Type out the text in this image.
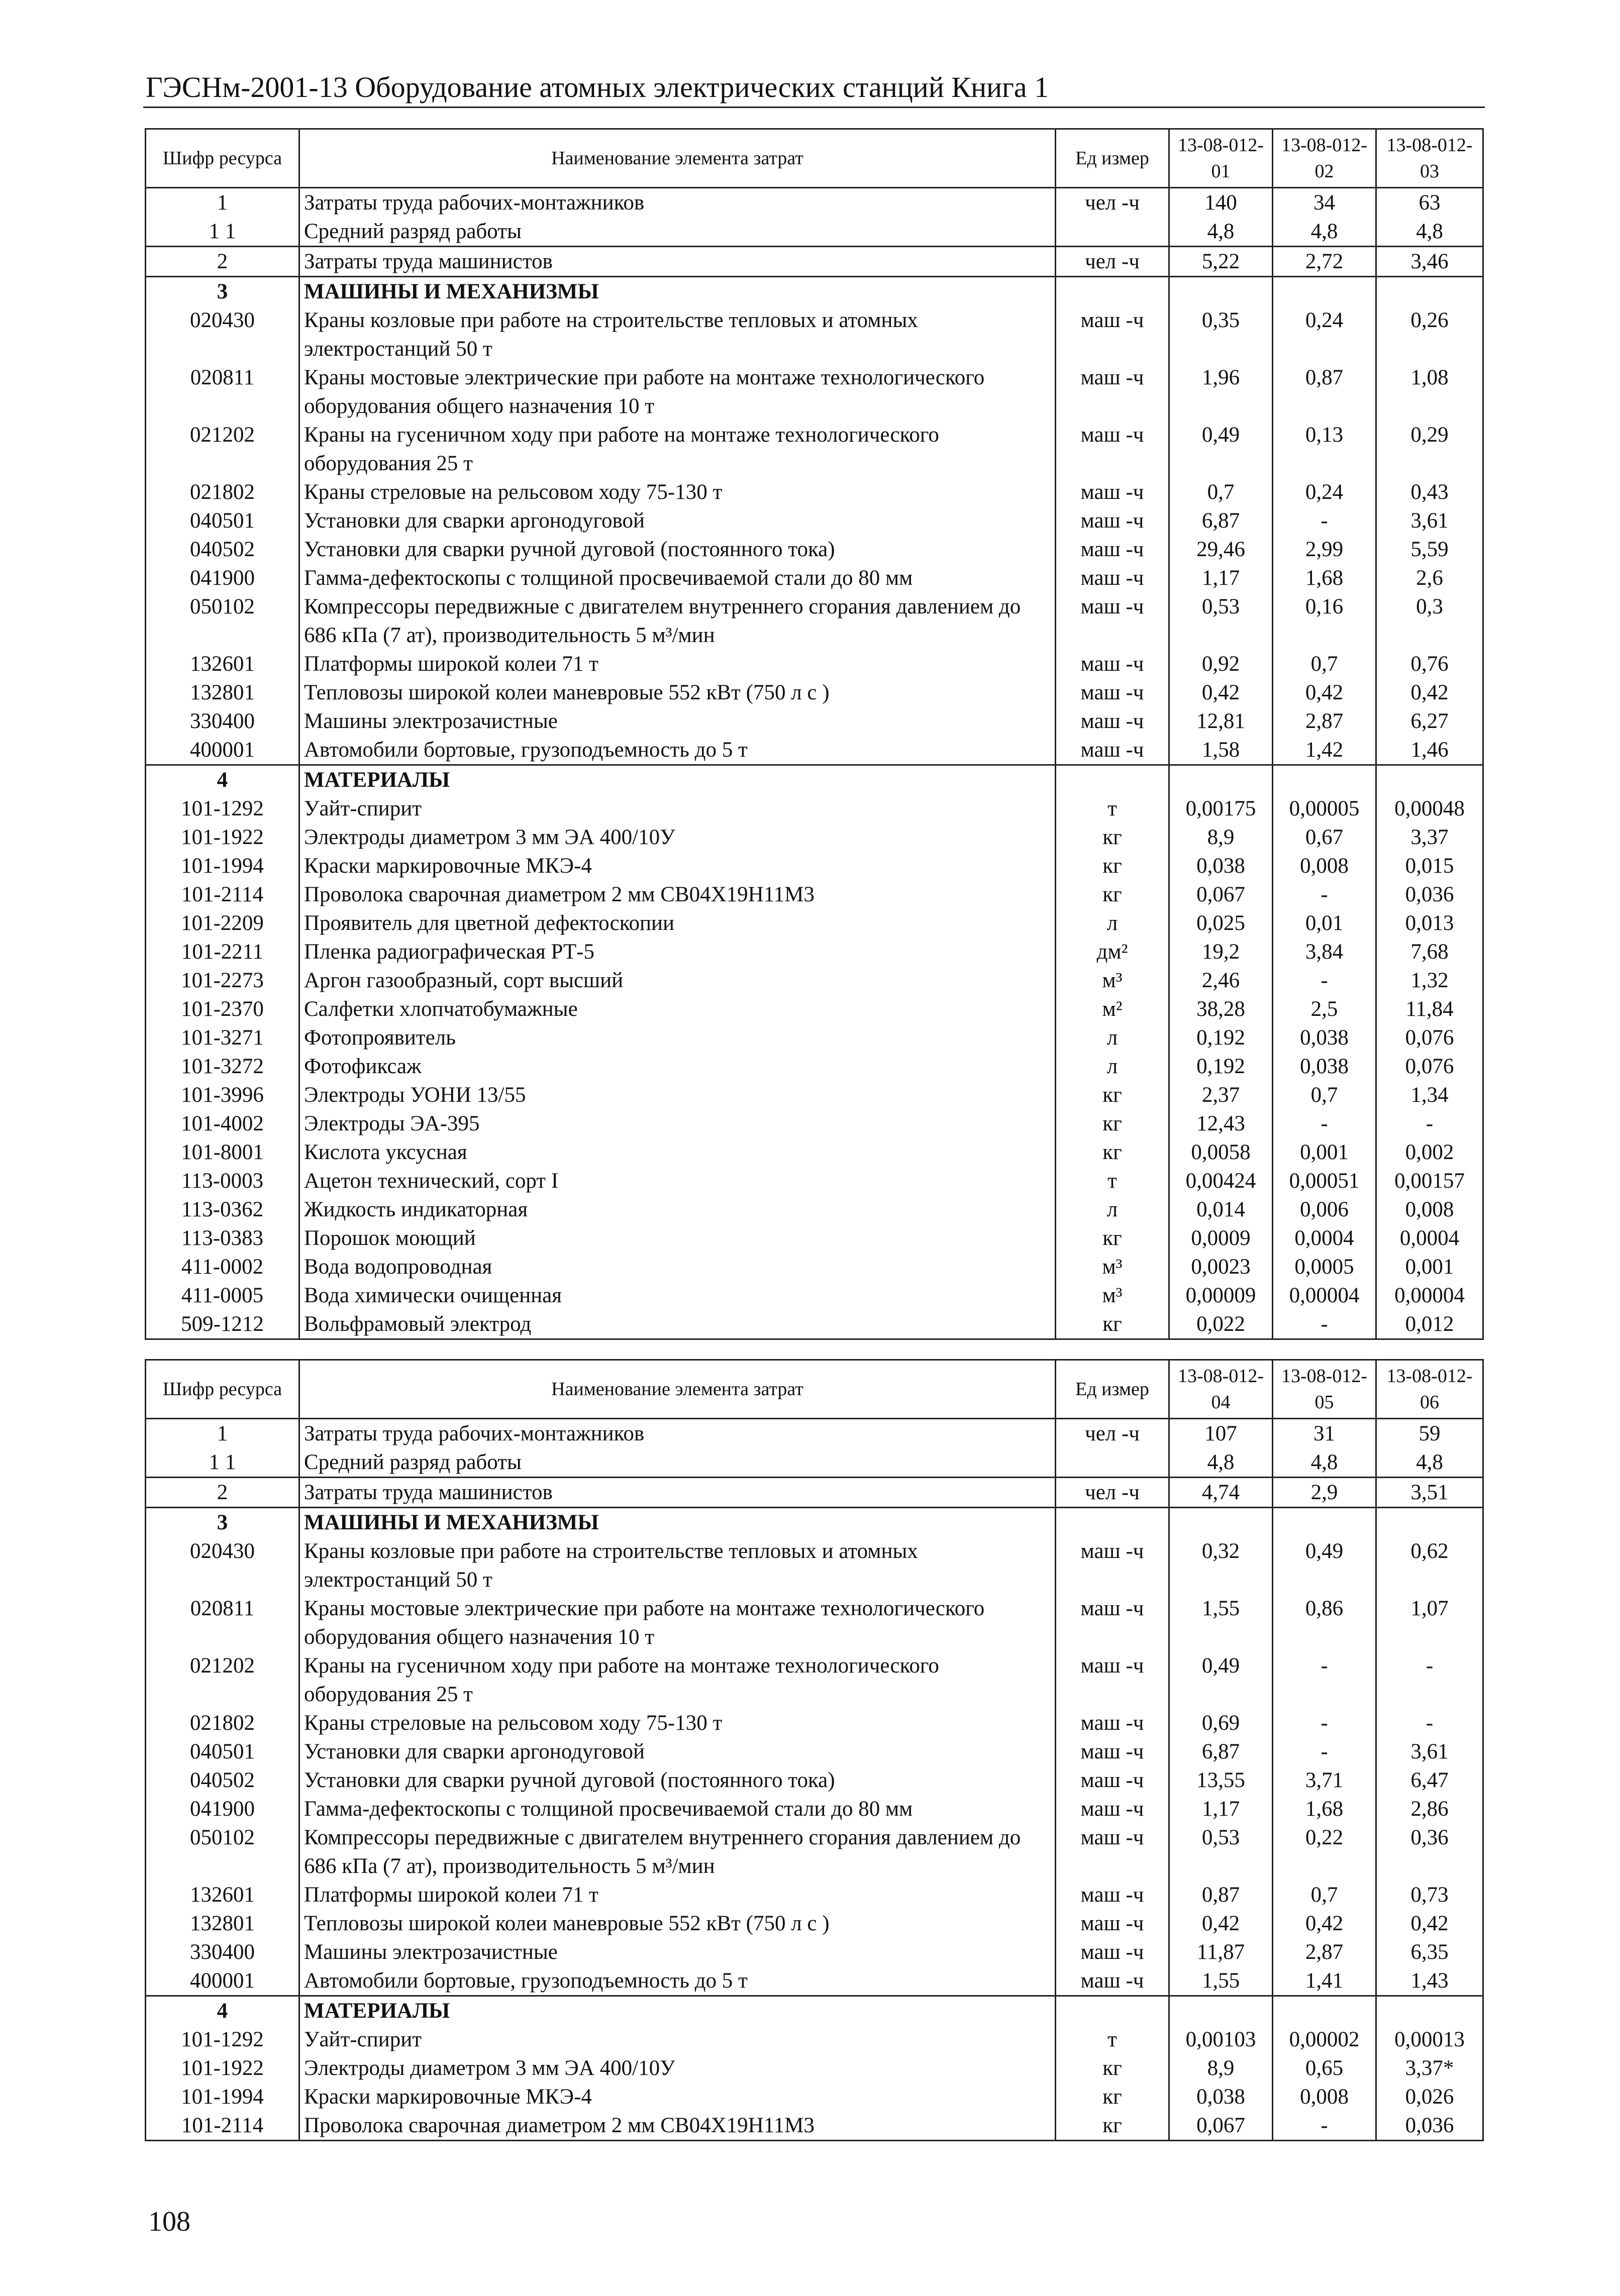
ГЭСНм-2001-13 Оборудование атомных электрических станций Книга 1
Шифр ресурса	Наименование элемента затрат	Ед измер	13-08-012-01	13-08-012-02	13-08-012-03
1	Затраты труда рабочих-монтажников	чел -ч	140	34	63
1 1	Средний разряд работы		4,8	4,8	4,8
2	Затраты труда машинистов	чел -ч	5,22	2,72	3,46
3	МАШИНЫ И МЕХАНИЗМЫ				
020430	Краны козловые при работе на строительстве тепловых и атомных электростанций 50 т	маш -ч	0,35	0,24	0,26
020811	Краны мостовые электрические при работе на монтаже технологического оборудования общего назначения 10 т	маш -ч	1,96	0,87	1,08
021202	Краны на гусеничном ходу при работе на монтаже технологического оборудования 25 т	маш -ч	0,49	0,13	0,29
021802	Краны стреловые на рельсовом ходу 75-130 т	маш -ч	0,7	0,24	0,43
040501	Установки для сварки аргонодуговой	маш -ч	6,87	-	3,61
040502	Установки для сварки ручной дуговой (постоянного тока)	маш -ч	29,46	2,99	5,59
041900	Гамма-дефектоскопы с толщиной просвечиваемой стали до 80 мм	маш -ч	1,17	1,68	2,6
050102	Компрессоры передвижные с двигателем внутреннего сгорания давлением до 686 кПа (7 ат), производительность 5 м³/мин	маш -ч	0,53	0,16	0,3
132601	Платформы широкой колеи 71 т	маш -ч	0,92	0,7	0,76
132801	Тепловозы широкой колеи маневровые 552 кВт (750 л с )	маш -ч	0,42	0,42	0,42
330400	Машины электрозачистные	маш -ч	12,81	2,87	6,27
400001	Автомобили бортовые, грузоподъемность до 5 т	маш -ч	1,58	1,42	1,46
4	МАТЕРИАЛЫ				
101-1292	Уайт-спирит	т	0,00175	0,00005	0,00048
101-1922	Электроды диаметром 3 мм ЭА 400/10У	кг	8,9	0,67	3,37
101-1994	Краски маркировочные МКЭ-4	кг	0,038	0,008	0,015
101-2114	Проволока сварочная диаметром 2 мм СВ04Х19Н11М3	кг	0,067	-	0,036
101-2209	Проявитель для цветной дефектоскопии	л	0,025	0,01	0,013
101-2211	Пленка радиографическая РТ-5	дм²	19,2	3,84	7,68
101-2273	Аргон газообразный, сорт высший	м³	2,46	-	1,32
101-2370	Салфетки хлопчатобумажные	м²	38,28	2,5	11,84
101-3271	Фотопроявитель	л	0,192	0,038	0,076
101-3272	Фотофиксаж	л	0,192	0,038	0,076
101-3996	Электроды УОНИ 13/55	кг	2,37	0,7	1,34
101-4002	Электроды ЭА-395	кг	12,43	-	-
101-8001	Кислота уксусная	кг	0,0058	0,001	0,002
113-0003	Ацетон технический, сорт I	т	0,00424	0,00051	0,00157
113-0362	Жидкость индикаторная	л	0,014	0,006	0,008
113-0383	Порошок моющий	кг	0,0009	0,0004	0,0004
411-0002	Вода водопроводная	м³	0,0023	0,0005	0,001
411-0005	Вода химически очищенная	м³	0,00009	0,00004	0,00004
509-1212	Вольфрамовый электрод	кг	0,022	-	0,012
Шифр ресурса	Наименование элемента затрат	Ед измер	13-08-012-04	13-08-012-05	13-08-012-06
1	Затраты труда рабочих-монтажников	чел -ч	107	31	59
1 1	Средний разряд работы		4,8	4,8	4,8
2	Затраты труда машинистов	чел -ч	4,74	2,9	3,51
3	МАШИНЫ И МЕХАНИЗМЫ				
020430	Краны козловые при работе на строительстве тепловых и атомных электростанций 50 т	маш -ч	0,32	0,49	0,62
020811	Краны мостовые электрические при работе на монтаже технологического оборудования общего назначения 10 т	маш -ч	1,55	0,86	1,07
021202	Краны на гусеничном ходу при работе на монтаже технологического оборудования 25 т	маш -ч	0,49	-	-
021802	Краны стреловые на рельсовом ходу 75-130 т	маш -ч	0,69	-	-
040501	Установки для сварки аргонодуговой	маш -ч	6,87	-	3,61
040502	Установки для сварки ручной дуговой (постоянного тока)	маш -ч	13,55	3,71	6,47
041900	Гамма-дефектоскопы с толщиной просвечиваемой стали до 80 мм	маш -ч	1,17	1,68	2,86
050102	Компрессоры передвижные с двигателем внутреннего сгорания давлением до 686 кПа (7 ат), производительность 5 м³/мин	маш -ч	0,53	0,22	0,36
132601	Платформы широкой колеи 71 т	маш -ч	0,87	0,7	0,73
132801	Тепловозы широкой колеи маневровые 552 кВт (750 л с )	маш -ч	0,42	0,42	0,42
330400	Машины электрозачистные	маш -ч	11,87	2,87	6,35
400001	Автомобили бортовые, грузоподъемность до 5 т	маш -ч	1,55	1,41	1,43
4	МАТЕРИАЛЫ				
101-1292	Уайт-спирит	т	0,00103	0,00002	0,00013
101-1922	Электроды диаметром 3 мм ЭА 400/10У	кг	8,9	0,65	3,37*
101-1994	Краски маркировочные МКЭ-4	кг	0,038	0,008	0,026
101-2114	Проволока сварочная диаметром 2 мм СВ04Х19Н11М3	кг	0,067	-	0,036
108
